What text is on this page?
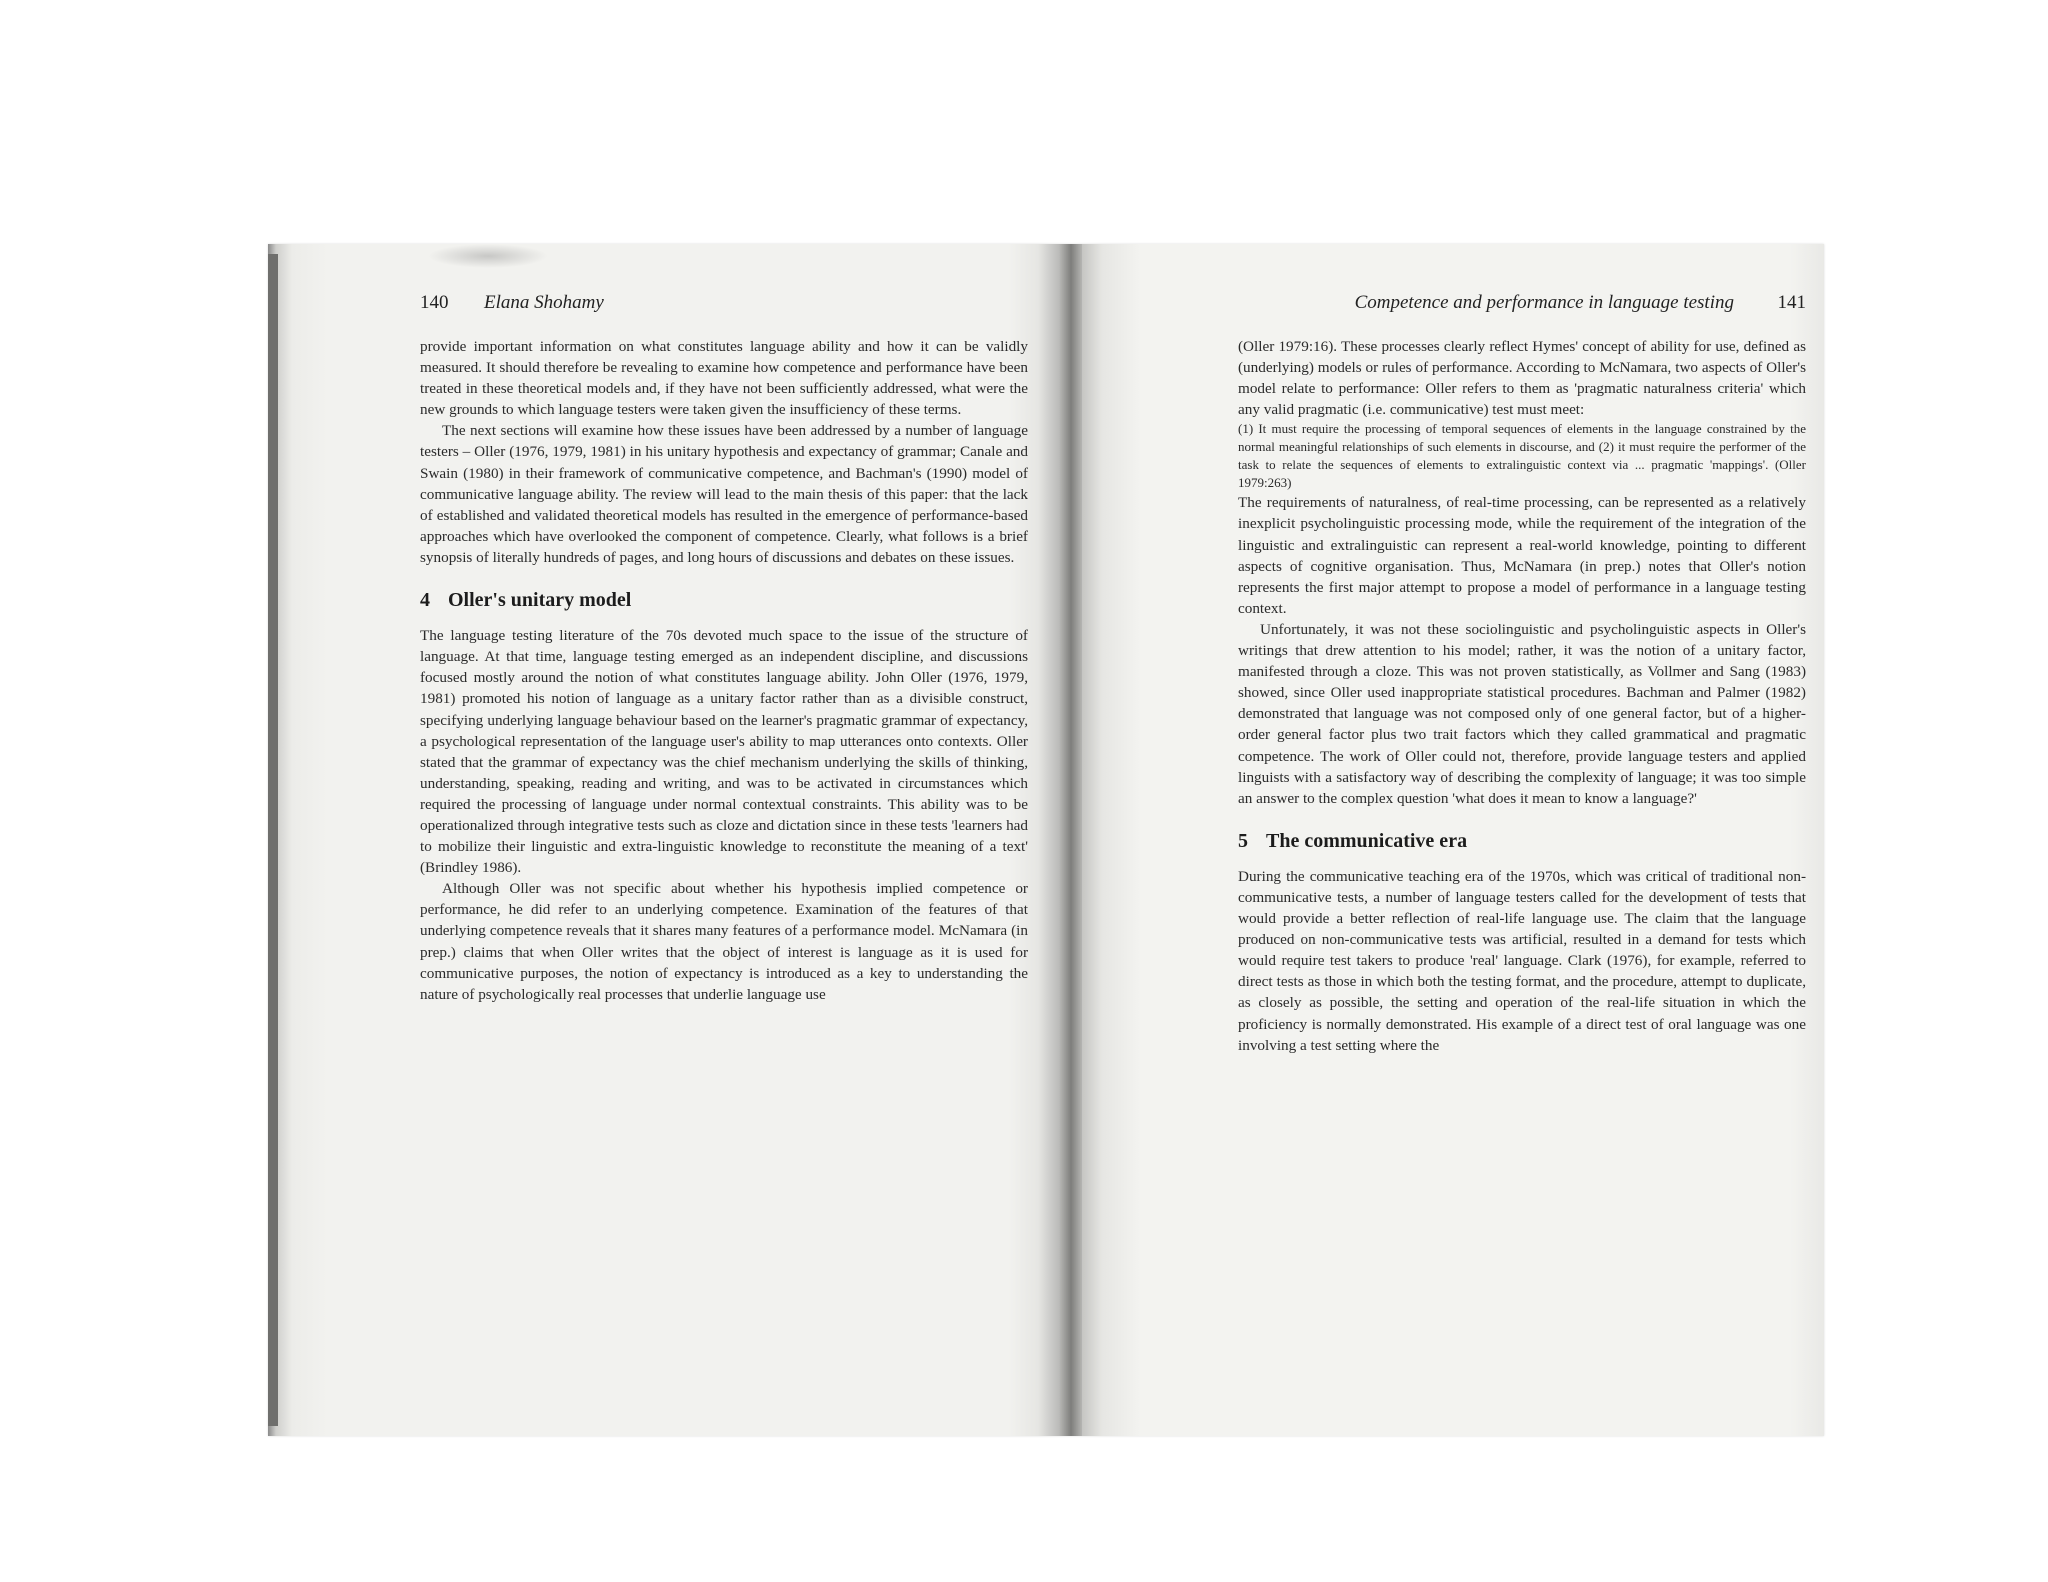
140 Elana Shohamy

provide important information on what constitutes language ability and how it can be validly measured. It should therefore be revealing to examine how competence and performance have been treated in these theoretical models and, if they have not been sufficiently addressed, what were the new grounds to which language testers were taken given the insufficiency of these terms.

The next sections will examine how these issues have been addressed by a number of language testers – Oller (1976, 1979, 1981) in his unitary hypothesis and expectancy of grammar; Canale and Swain (1980) in their framework of communicative competence, and Bachman's (1990) model of communicative language ability. The review will lead to the main thesis of this paper: that the lack of established and validated theoretical models has resulted in the emergence of performance-based approaches which have overlooked the component of competence. Clearly, what follows is a brief synopsis of literally hundreds of pages, and long hours of discussions and debates on these issues.

4 Oller's unitary model

The language testing literature of the 70s devoted much space to the issue of the structure of language. At that time, language testing emerged as an independent discipline, and discussions focused mostly around the notion of what constitutes language ability. John Oller (1976, 1979, 1981) promoted his notion of language as a unitary factor rather than as a divisible construct, specifying underlying language behaviour based on the learner's pragmatic grammar of expectancy, a psychological representation of the language user's ability to map utterances onto contexts. Oller stated that the grammar of expectancy was the chief mechanism underlying the skills of thinking, understanding, speaking, reading and writing, and was to be activated in circumstances which required the processing of language under normal contextual constraints. This ability was to be operationalized through integrative tests such as cloze and dictation since in these tests 'learners had to mobilize their linguistic and extra-linguistic knowledge to reconstitute the meaning of a text' (Brindley 1986).

Although Oller was not specific about whether his hypothesis implied competence or performance, he did refer to an underlying competence. Examination of the features of that underlying competence reveals that it shares many features of a performance model. McNamara (in prep.) claims that when Oller writes that the object of interest is language as it is used for communicative purposes, the notion of expectancy is introduced as a key to understanding the nature of psychologically real processes that underlie language use

Competence and performance in language testing 141

(Oller 1979:16). These processes clearly reflect Hymes' concept of ability for use, defined as (underlying) models or rules of performance. According to McNamara, two aspects of Oller's model relate to performance: Oller refers to them as 'pragmatic naturalness criteria' which any valid pragmatic (i.e. communicative) test must meet:

(1) It must require the processing of temporal sequences of elements in the language constrained by the normal meaningful relationships of such elements in discourse, and (2) it must require the performer of the task to relate the sequences of elements to extralinguistic context via ... pragmatic 'mappings'. (Oller 1979:263)

The requirements of naturalness, of real-time processing, can be represented as a relatively inexplicit psycholinguistic processing mode, while the requirement of the integration of the linguistic and extralinguistic can represent a real-world knowledge, pointing to different aspects of cognitive organisation. Thus, McNamara (in prep.) notes that Oller's notion represents the first major attempt to propose a model of performance in a language testing context.

Unfortunately, it was not these sociolinguistic and psycholinguistic aspects in Oller's writings that drew attention to his model; rather, it was the notion of a unitary factor, manifested through a cloze. This was not proven statistically, as Vollmer and Sang (1983) showed, since Oller used inappropriate statistical procedures. Bachman and Palmer (1982) demonstrated that language was not composed only of one general factor, but of a higher-order general factor plus two trait factors which they called grammatical and pragmatic competence. The work of Oller could not, therefore, provide language testers and applied linguists with a satisfactory way of describing the complexity of language; it was too simple an answer to the complex question 'what does it mean to know a language?'

5 The communicative era

During the communicative teaching era of the 1970s, which was critical of traditional non-communicative tests, a number of language testers called for the development of tests that would provide a better reflection of real-life language use. The claim that the language produced on non-communicative tests was artificial, resulted in a demand for tests which would require test takers to produce 'real' language. Clark (1976), for example, referred to direct tests as those in which both the testing format, and the procedure, attempt to duplicate, as closely as possible, the setting and operation of the real-life situation in which the proficiency is normally demonstrated. His example of a direct test of oral language was one involving a test setting where the
